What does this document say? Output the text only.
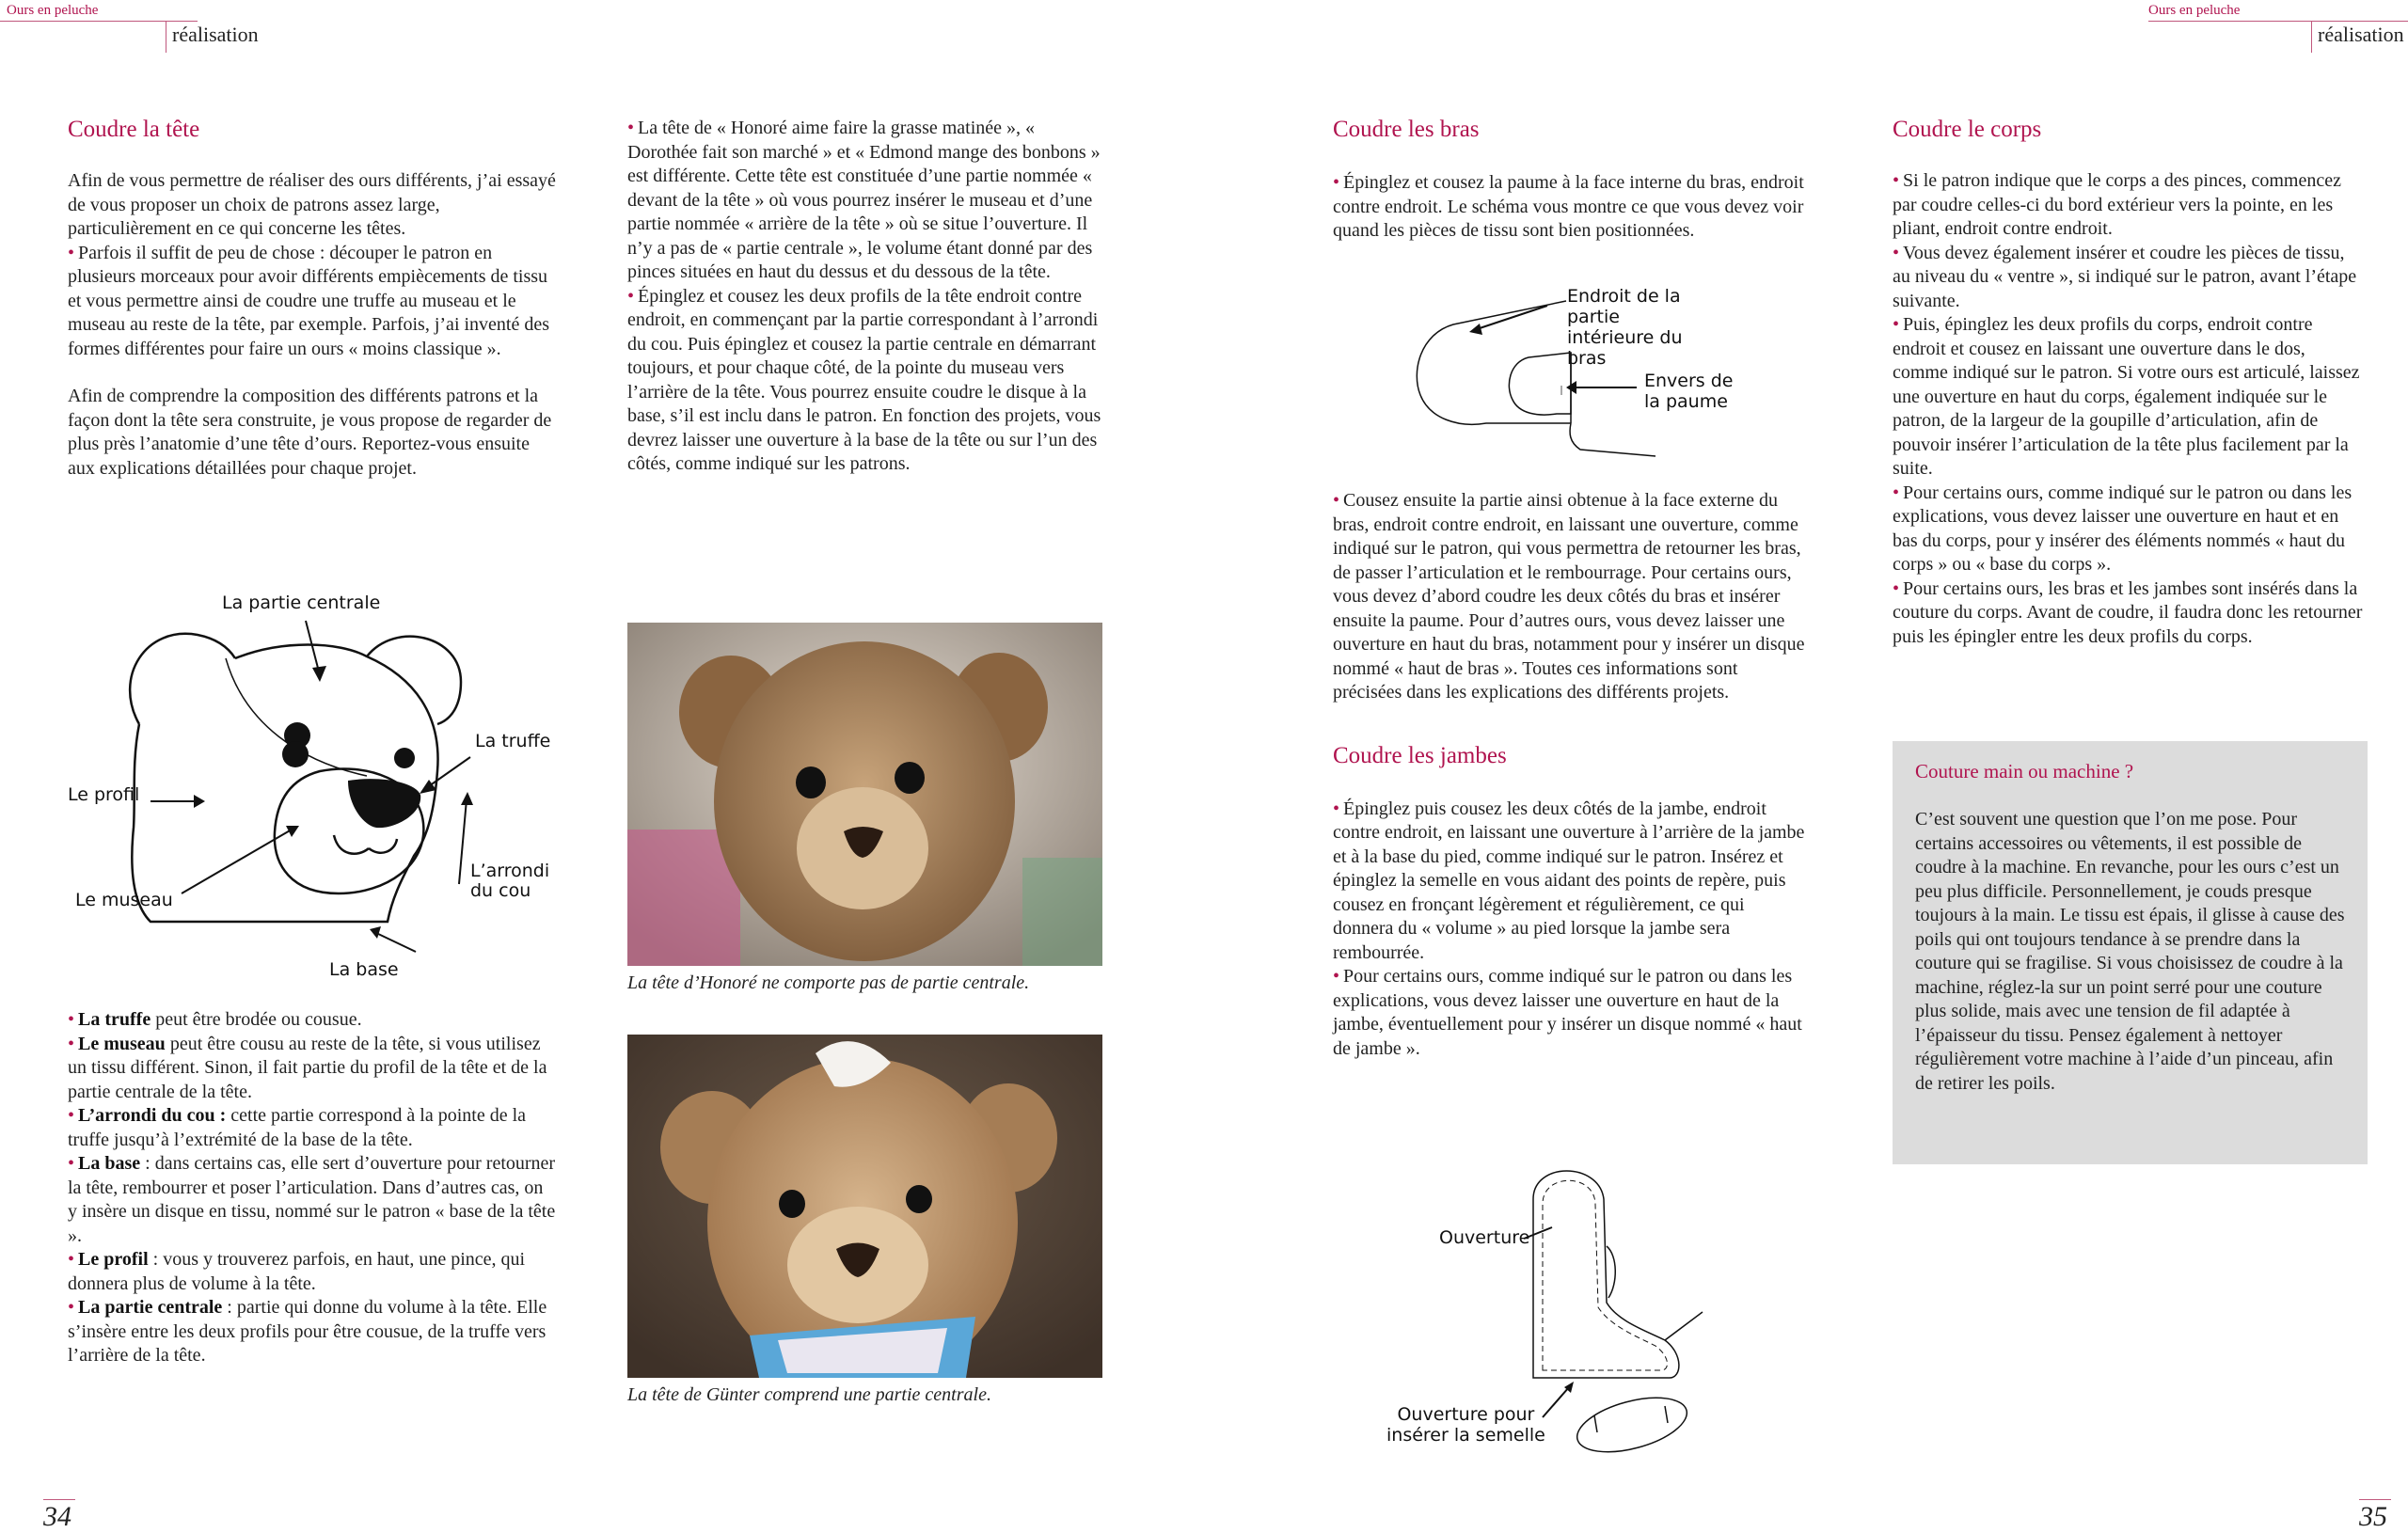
Ours en peluche
réalisation
Ours en peluche
réalisation
Coudre la tête

Afin de vous permettre de réaliser des ours différents, j’ai essayé de vous proposer un choix de patrons assez large, particulièrement en ce qui concerne les têtes.

• Parfois il suffit de peu de chose : découper le patron en plusieurs morceaux pour avoir différents empiècements de tissu et vous permettre ainsi de coudre une truffe au museau et le museau au reste de la tête, par exemple. Parfois, j’ai inventé des formes différentes pour faire un ours « moins classique ».

Afin de comprendre la composition des différents patrons et la façon dont la tête sera construite, je vous propose de regarder de plus près l’anatomie d’une tête d’ours. Reportez-vous ensuite aux explications détaillées pour chaque projet.

La partie centrale
La truffe
Le profil
L’arrondi
du cou
Le museau
La base

• La truffe peut être brodée ou cousue.

• Le museau peut être cousu au reste de la tête, si vous utilisez un tissu différent. Sinon, il fait partie du profil de la tête et de la partie centrale de la tête.

• L’arrondi du cou : cette partie correspond à la pointe de la truffe jusqu’à l’extrémité de la base de la tête.

• La base : dans certains cas, elle sert d’ouverture pour retourner la tête, rembourrer et poser l’articulation. Dans d’autres cas, on y insère un disque en tissu, nommé sur le patron « base de la tête ».

• Le profil : vous y trouverez parfois, en haut, une pince, qui donnera plus de volume à la tête.

• La partie centrale : partie qui donne du volume à la tête. Elle s’insère entre les deux profils pour être cousue, de la truffe vers l’arrière de la tête.

• La tête de « Honoré aime faire la grasse matinée », « Dorothée fait son marché » et « Edmond mange des bonbons » est différente. Cette tête est constituée d’une partie nommée « devant de la tête » où vous pourrez insérer le museau et d’une partie nommée « arrière de la tête » où se situe l’ouverture. Il n’y a pas de « partie centrale », le volume étant donné par des pinces situées en haut du dessus et du dessous de la tête.

• Épinglez et cousez les deux profils de la tête endroit contre endroit, en commençant par la partie correspondant à l’arrondi du cou. Puis épinglez et cousez la partie centrale en démarrant toujours, et pour chaque côté, de la pointe du museau vers l’arrière de la tête. Vous pourrez ensuite coudre le disque à la base, s’il est inclu dans le patron. En fonction des projets, vous devrez laisser une ouverture à la base de la tête ou sur l’un des côtés, comme indiqué sur les patrons.

La tête d’Honoré ne comporte pas de partie centrale.
La tête de Günter comprend une partie centrale.
Coudre les bras

• Épinglez et cousez la paume à la face interne du bras, endroit contre endroit. Le schéma vous montre ce que vous devez voir quand les pièces de tissu sont bien positionnées.

Endroit de la partie
intérieure du bras
Envers de
la paume

• Cousez ensuite la partie ainsi obtenue à la face externe du bras, endroit contre endroit, en laissant une ouverture, comme indiqué sur le patron, qui vous permettra de retourner les bras, de passer l’articulation et le rembourrage. Pour certains ours, vous devez d’abord coudre les deux côtés du bras et insérer ensuite la paume. Pour d’autres ours, vous devez laisser une ouverture en haut du bras, notamment pour y insérer un disque nommé « haut de bras ». Toutes ces informations sont précisées dans les explications des différents projets.

Coudre les jambes

• Épinglez puis cousez les deux côtés de la jambe, endroit contre endroit, en laissant une ouverture à l’arrière de la jambe et à la base du pied, comme indiqué sur le patron. Insérez et épinglez la semelle en vous aidant des points de repère, puis cousez en fronçant légèrement et régulièrement, ce qui donnera du « volume » au pied lorsque la jambe sera rembourrée.

• Pour certains ours, comme indiqué sur le patron ou dans les explications, vous devez laisser une ouverture en haut de la jambe, éventuellement pour y insérer un disque nommé « haut de jambe ».

Ouverture
Ouverture pour
insérer la semelle
Coudre le corps

• Si le patron indique que le corps a des pinces, commencez par coudre celles-ci du bord extérieur vers la pointe, en les pliant, endroit contre endroit.

• Vous devez également insérer et coudre les pièces de tissu, au niveau du « ventre », si indiqué sur le patron, avant l’étape suivante.

• Puis, épinglez les deux profils du corps, endroit contre endroit et cousez en laissant une ouverture dans le dos, comme indiqué sur le patron. Si votre ours est articulé, laissez une ouverture en haut du corps, également indiquée sur le patron, de la largeur de la goupille d’articulation, afin de pouvoir insérer l’articulation de la tête plus facilement par la suite.

• Pour certains ours, comme indiqué sur le patron ou dans les explications, vous devez laisser une ouverture en haut et en bas du corps, pour y insérer des éléments nommés « haut du corps » ou « base du corps ».

• Pour certains ours, les bras et les jambes sont insérés dans la couture du corps. Avant de coudre, il faudra donc les retourner puis les épingler entre les deux profils du corps.

Couture main ou machine ?

C’est souvent une question que l’on me pose. Pour certains accessoires ou vêtements, il est possible de coudre à la machine. En revanche, pour les ours c’est un peu plus difficile. Personnellement, je couds presque toujours à la main. Le tissu est épais, il glisse à cause des poils qui ont toujours tendance à se prendre dans la couture qui se fragilise. Si vous choisissez de coudre à la machine, réglez-la sur un point serré pour une couture plus solide, mais avec une tension de fil adaptée à l’épaisseur du tissu. Pensez également à nettoyer régulièrement votre machine à l’aide d’un pinceau, afin de retirer les poils.

34	35
